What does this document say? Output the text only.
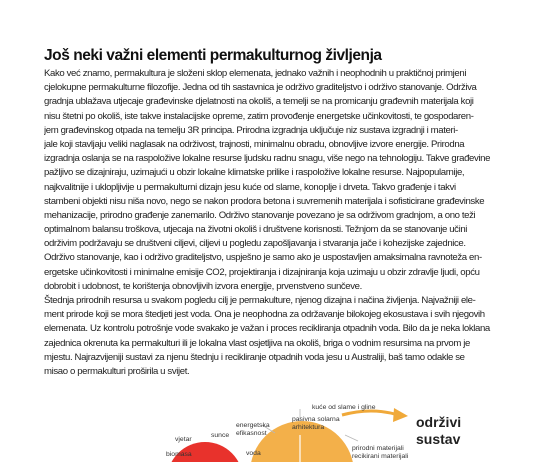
Još neki važni elementi permakulturnog življenja
Kako već znamo, permakultura je složeni sklop elemenata, jednako važnih i neophodnih u praktičnoj primjeni
cjelokupne permakulturne filozofije. Jedna od tih sastavnica je održivo graditeljstvo i održivo stanovanje. Održiva
gradnja ublažava utjecaje građevinske djelatnosti na okoliš, a temelji se na promicanju građevnih materijala koji
nisu štetni po okoliš, iste takve instalacijske opreme, zatim provođenje energetske učinkovitosti, te gospodaren-
jem građevinskog otpada na temelju 3R principa. Prirodna izgradnja uključuje niz sustava izgradnji i materi-
jale koji stavljaju veliki naglasak na održivost, trajnosti, minimalnu obradu, obnovljive izvore energije. Prirodna
izgradnja oslanja se na raspoložive lokalne resurse ljudsku radnu snagu, više nego na tehnologiju. Takve građevine
pažljivo se dizajniraju, uzimajući u obzir lokalne klimatske prilike i raspoložive lokalne resurse. Najpopularnije,
najkvalitnije i uklopljivije u permakulturni dizajn jesu kuće od slame, konoplje i drveta. Takvo građenje i takvi
stambeni objekti nisu niša novo, nego se nakon prodora betona i suvremenih materijala i sofisticirane građevinske
mehanizacije, prirodno građenje zanemarilo. Održivo stanovanje povezano je sa održivom gradnjom, a ono teži
optimalnom balansu troškova, utjecaja na životni okoliš i društvene korisnosti. Težnjom da se stanovanje učini
održivim podržavaju se društveni ciljevi, ciljevi u pogledu zapošljavanja i stvaranja jače i kohezijske zajednice.
Održivo stanovanje, kao i održivo graditeljstvo, uspješno je samo ako je uspostavljen amaksimalna ravnoteža en-
ergetske učinkovitosti i minimalne emisije CO2, projektiranja i dizajniranja koja uzimaju u obzir zdravlje ljudi, opću
dobrobit i udobnost, te korištenja obnovljivih izvora energije, prvenstveno sunčeve.
Štednja prirodnih resursa u svakom pogledu cilj je permakulture, njenog dizajna i načina življenja. Najvažniji ele-
ment prirode koji se mora štedjeti jest voda. Ona je neophodna za održavanje bilokojeg ekosustava i svih njegovih
elemenata. Uz kontrolu potrošnje vode svakako je važan i proces recikliranja otpadnih voda. Bilo da je neka loklana
zajednica okrenuta ka permakulturi ili je lokalna vlast osjetljiva na okoliš, briga o vodnim resursima na prvom je
mjestu. Najrazvijeniji sustavi za njenu štednju i recikliranje otpadnih voda jesu u Australiji, baš tamo odakle se
misao o permakulturi proširila u svijet.
kuće od slame i gline
pasivna solarna
arhitektura
energetska
efikasnost
sunce
vjetar
voda
biomasa
prirodni materijali
recikirani materijali
održivi
sustav
